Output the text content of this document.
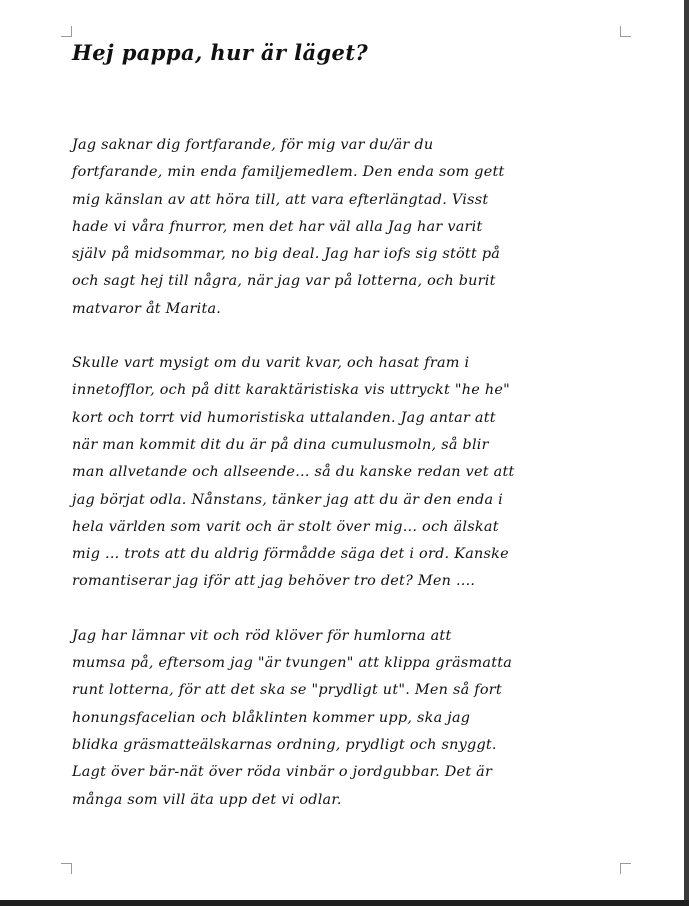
Hej pappa, hur är läget?

Jag saknar dig fortfarande, för mig var du/är du
fortfarande, min enda familjemedlem. Den enda som gett
mig känslan av att höra till, att vara efterlängtad. Visst
hade vi våra fnurror, men det har väl alla Jag har varit
själv på midsommar, no big deal. Jag har iofs sig stött på
och sagt hej till några, när jag var på lotterna, och burit
matvaror åt Marita.

Skulle vart mysigt om du varit kvar, och hasat fram i
innetofflor, och på ditt karaktäristiska vis uttryckt "he he"
kort och torrt vid humoristiska uttalanden. Jag antar att
när man kommit dit du är på dina cumulusmoln, så blir
man allvetande och allseende... så du kanske redan vet att
jag börjat odla. Nånstans, tänker jag att du är den enda i
hela världen som varit och är stolt över mig... och älskat
mig ... trots att du aldrig förmådde säga det i ord. Kanske
romantiserar jag iför att jag behöver tro det? Men ....

Jag har lämnar vit och röd klöver för humlorna att
mumsa på, eftersom jag "är tvungen" att klippa gräsmatta
runt lotterna, för att det ska se "prydligt ut". Men så fort
honungsfacelian och blåklinten kommer upp, ska jag
blidka gräsmatteälskarnas ordning, prydligt och snyggt.
Lagt över bär-nät över röda vinbär o jordgubbar. Det är
många som vill äta upp det vi odlar.
